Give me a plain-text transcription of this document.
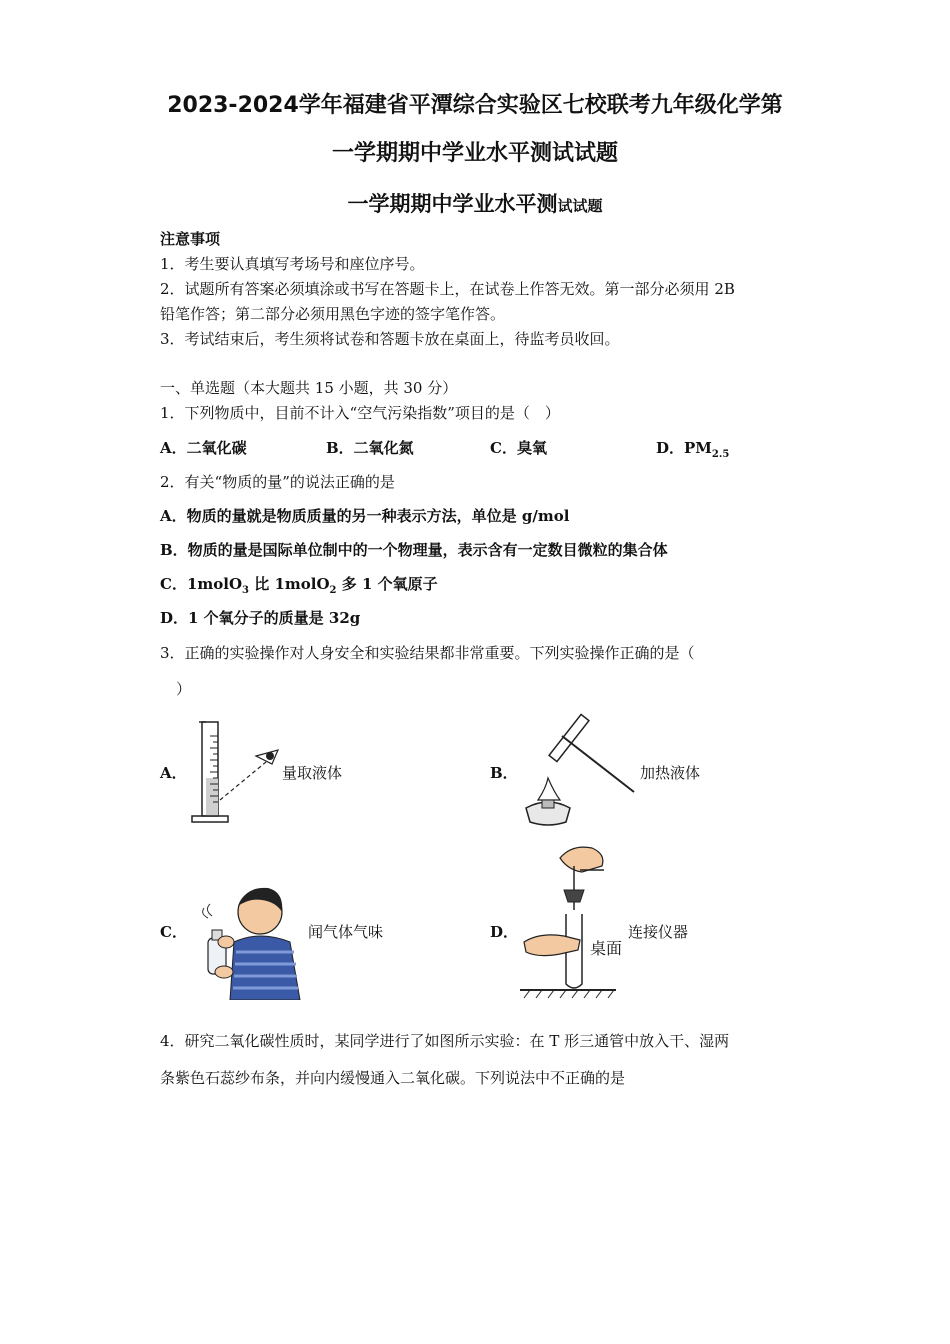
2023-2024学年福建省平潭综合实验区七校联考九年级化学第
一学期期中学业水平测试试题
一学期期中学业水平测试试题
注意事项
1．考生要认真填写考场号和座位序号。
2．试题所有答案必须填涂或书写在答题卡上，在试卷上作答无效。第一部分必须用 2B
铅笔作答；第二部分必须用黑色字迹的签字笔作答。
3．考试结束后，考生须将试卷和答题卡放在桌面上，待监考员收回。
一、单选题（本大题共 15 小题，共 30 分）
1．下列物质中，目前不计入“空气污染指数”项目的是（　）
A．二氧化碳	B．二氧化氮	C．臭氧	D．$PM_{2.5}$
2．有关“物质的量”的说法正确的是
A．物质的量就是物质质量的另一种表示方法，单位是 g/mol
B．物质的量是国际单位制中的一个物理量，表示含有一定数目微粒的集合体
C．1molO$_3$ 比 1molO$_2$ 多 1 个氧原子
D．1 个氧分子的质量是 32g
3．正确的实验操作对人身安全和实验结果都非常重要。下列实验操作正确的是（
）
A．	量取液体	B．	加热液体
C．	闻气体气味	D．
桌面
连接仪器
4．研究二氧化碳性质时，某同学进行了如图所示实验：在 T 形三通管中放入干、湿两
条紫色石蕊纱布条，并向内缓慢通入二氧化碳。下列说法中不正确的是
